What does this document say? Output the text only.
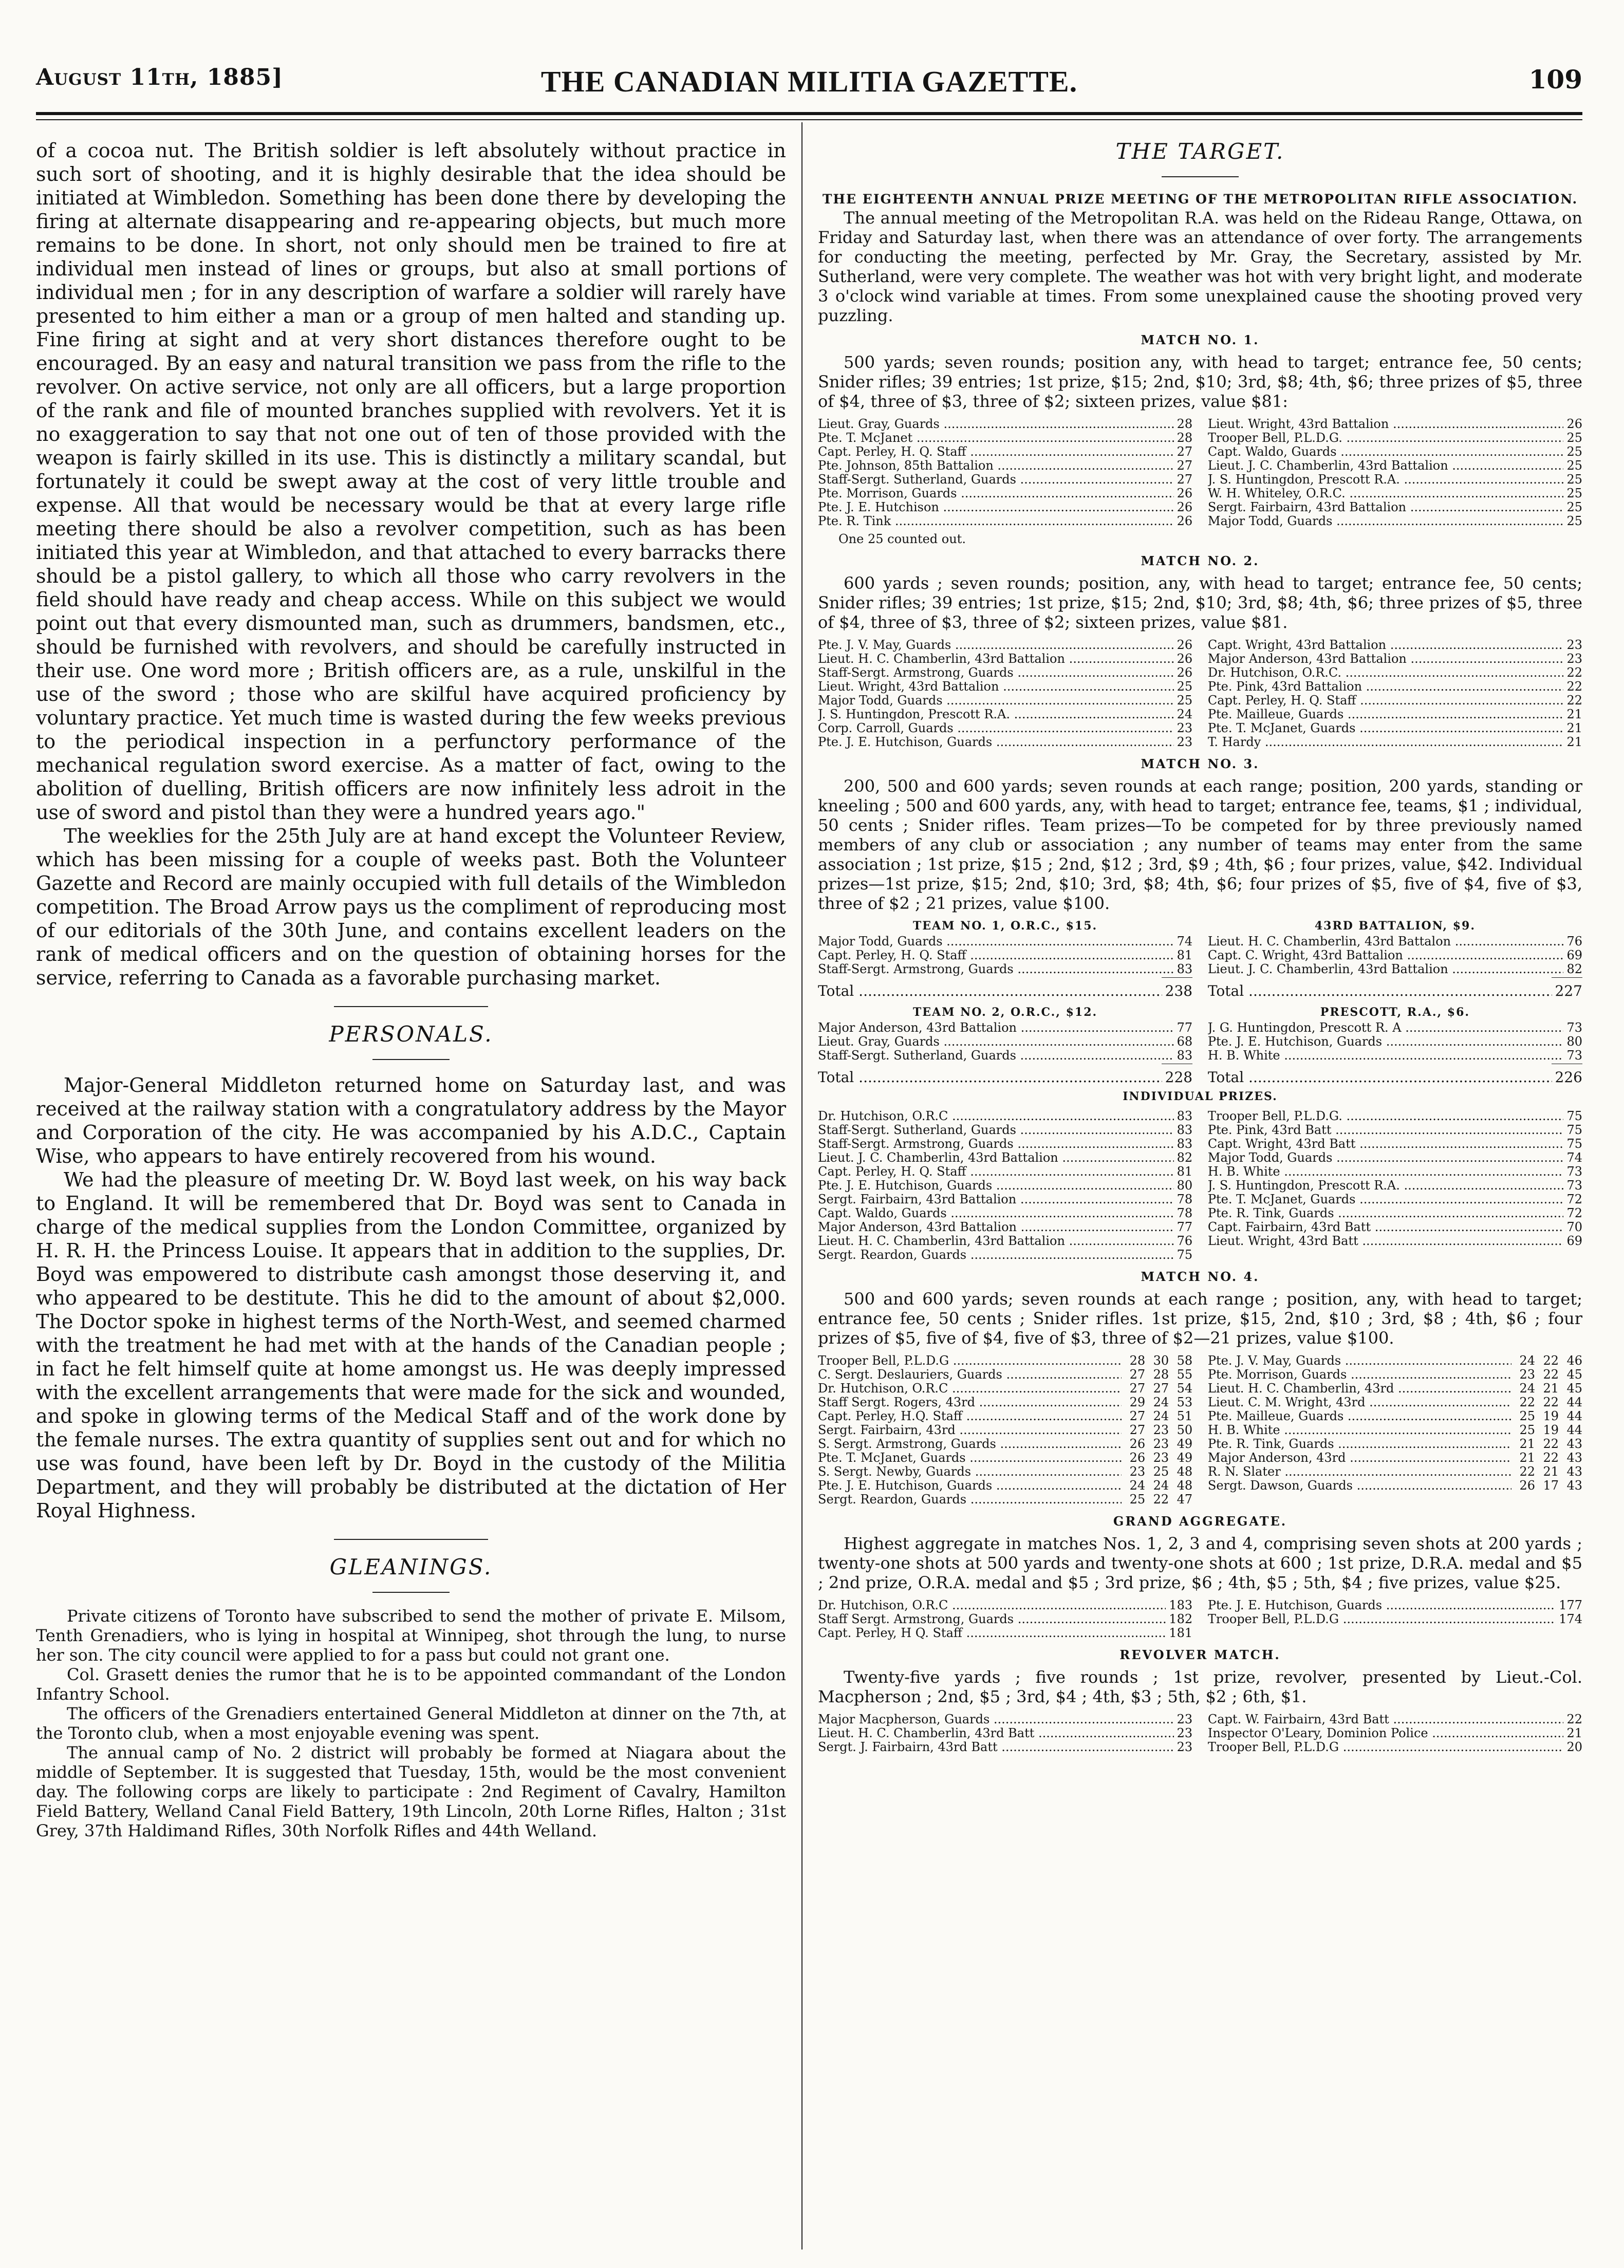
August 11th, 1885]	THE CANADIAN MILITIA GAZETTE.	109

of a cocoa nut. The British soldier is left absolutely without practice in such sort of shooting, and it is highly desirable that the idea should be initiated at Wimbledon. Something has been done there by developing the firing at alternate disappearing and re-appearing objects, but much more remains to be done. In short, not only should men be trained to fire at individual men instead of lines or groups, but also at small portions of individual men ; for in any description of warfare a soldier will rarely have presented to him either a man or a group of men halted and standing up. Fine firing at sight and at very short distances therefore ought to be encouraged. By an easy and natural transition we pass from the rifle to the revolver. On active service, not only are all officers, but a large proportion of the rank and file of mounted branches supplied with revolvers. Yet it is no exaggeration to say that not one out of ten of those provided with the weapon is fairly skilled in its use. This is distinctly a military scandal, but fortunately it could be swept away at the cost of very little trouble and expense. All that would be necessary would be that at every large rifle meeting there should be also a revolver competition, such as has been initiated this year at Wimbledon, and that attached to every barracks there should be a pistol gallery, to which all those who carry revolvers in the field should have ready and cheap access. While on this subject we would point out that every dismounted man, such as drummers, bandsmen, etc., should be furnished with revolvers, and should be carefully instructed in their use. One word more ; British officers are, as a rule, unskilful in the use of the sword ; those who are skilful have acquired proficiency by voluntary practice. Yet much time is wasted during the few weeks previous to the periodical inspection in a perfunctory performance of the mechanical regulation sword exercise. As a matter of fact, owing to the abolition of duelling, British officers are now infinitely less adroit in the use of sword and pistol than they were a hundred years ago."

The weeklies for the 25th July are at hand except the Volunteer Review, which has been missing for a couple of weeks past. Both the Volunteer Gazette and Record are mainly occupied with full details of the Wimbledon competition. The Broad Arrow pays us the compliment of reproducing most of our editorials of the 30th June, and contains excellent leaders on the rank of medical officers and on the question of obtaining horses for the service, referring to Canada as a favorable purchasing market.

PERSONALS.

Major-General Middleton returned home on Saturday last, and was received at the railway station with a congratulatory address by the Mayor and Corporation of the city. He was accompanied by his A.D.C., Captain Wise, who appears to have entirely recovered from his wound.

We had the pleasure of meeting Dr. W. Boyd last week, on his way back to England. It will be remembered that Dr. Boyd was sent to Canada in charge of the medical supplies from the London Committee, organized by H. R. H. the Princess Louise. It appears that in addition to the supplies, Dr. Boyd was empowered to distribute cash amongst those deserving it, and who appeared to be destitute. This he did to the amount of about $2,000. The Doctor spoke in highest terms of the North-West, and seemed charmed with the treatment he had met with at the hands of the Canadian people ; in fact he felt himself quite at home amongst us. He was deeply impressed with the excellent arrangements that were made for the sick and wounded, and spoke in glowing terms of the Medical Staff and of the work done by the female nurses. The extra quantity of supplies sent out and for which no use was found, have been left by Dr. Boyd in the custody of the Militia Department, and they will probably be distributed at the dictation of Her Royal Highness.

GLEANINGS.

Private citizens of Toronto have subscribed to send the mother of private E. Milsom, Tenth Grenadiers, who is lying in hospital at Winnipeg, shot through the lung, to nurse her son. The city council were applied to for a pass but could not grant one.

Col. Grasett denies the rumor that he is to be appointed commandant of the London Infantry School.

The officers of the Grenadiers entertained General Middleton at dinner on the 7th, at the Toronto club, when a most enjoyable evening was spent.

The annual camp of No. 2 district will probably be formed at Niagara about the middle of September. It is suggested that Tuesday, 15th, would be the most convenient day. The following corps are likely to participate : 2nd Regiment of Cavalry, Hamilton Field Battery, Welland Canal Field Battery, 19th Lincoln, 20th Lorne Rifles, Halton ; 31st Grey, 37th Haldimand Rifles, 30th Norfolk Rifles and 44th Welland.

THE TARGET.

THE EIGHTEENTH ANNUAL PRIZE MEETING OF THE METROPOLITAN RIFLE ASSOCIATION.

The annual meeting of the Metropolitan R.A. was held on the Rideau Range, Ottawa, on Friday and Saturday last, when there was an attendance of over forty. The arrangements for conducting the meeting, perfected by Mr. Gray, the Secretary, assisted by Mr. Sutherland, were very complete. The weather was hot with very bright light, and moderate 3 o'clock wind variable at times. From some unexplained cause the shooting proved very puzzling.

MATCH NO. 1.

500 yards; seven rounds; position any, with head to target; entrance fee, 50 cents; Snider rifles; 39 entries; 1st prize, $15; 2nd, $10; 3rd, $8; 4th, $6; three prizes of $5, three of $4, three of $3, three of $2; sixteen prizes, value $81:

Lieut. Gray, Guards .....	28
Pte. T. McJanet .....	28
Capt. Perley, H. Q. Staff .....	27
Pte. Johnson, 85th Battalion .....	27
Staff-Sergt. Sutherland, Guards .....	27
Pte. Morrison, Guards .....	26
Pte. J. E. Hutchison .....	26
Pte. R. Tink .....	26
Lieut. Wright, 43rd Battalion .....	26
Trooper Bell, P.L.D.G. .....	25
Capt. Waldo, Guards .....	25
Lieut. J. C. Chamberlin, 43rd Battalion .....	25
J. S. Huntingdon, Prescott R.A. .....	25
W. H. Whiteley, O.R.C. .....	25
Sergt. Fairbairn, 43rd Battalion .....	25
Major Todd, Guards .....	25
One 25 counted out.

MATCH NO. 2.

600 yards ; seven rounds; position, any, with head to target; entrance fee, 50 cents; Snider rifles; 39 entries; 1st prize, $15; 2nd, $10; 3rd, $8; 4th, $6; three prizes of $5, three of $4, three of $3, three of $2; sixteen prizes, value $81.

Pte. J. V. May, Guards .....	26
Lieut. H. C. Chamberlin, 43rd Battalion .....	26
Staff-Sergt. Armstrong, Guards .....	26
Lieut. Wright, 43rd Battalion .....	25
Major Todd, Guards .....	25
J. S. Huntingdon, Prescott R.A. .....	24
Corp. Carroll, Guards .....	23
Pte. J. E. Hutchison, Guards .....	23
Capt. Wright, 43rd Battalion .....	23
Major Anderson, 43rd Battalion .....	23
Dr. Hutchison, O.R.C. .....	22
Pte. Pink, 43rd Battalion .....	22
Capt. Perley, H. Q. Staff .....	22
Pte. Mailleue, Guards .....	21
Pte. T. McJanet, Guards .....	21
T. Hardy .....	21

MATCH NO. 3.

200, 500 and 600 yards; seven rounds at each range; position, 200 yards, standing or kneeling ; 500 and 600 yards, any, with head to target; entrance fee, teams, $1 ; individual, 50 cents ; Snider rifles. Team prizes—To be competed for by three previously named members of any club or association ; any number of teams may enter from the same association ; 1st prize, $15 ; 2nd, $12 ; 3rd, $9 ; 4th, $6 ; four prizes, value, $42. Individual prizes—1st prize, $15; 2nd, $10; 3rd, $8; 4th, $6; four prizes of $5, five of $4, five of $3, three of $2 ; 21 prizes, value $100.

TEAM NO. 1, O.R.C., $15.

Major Todd, Guards .....	74
Capt. Perley, H. Q. Staff .....	81
Staff-Sergt. Armstrong, Guards .....	83
Total .....	238

43RD BATTALION, $9.

Lieut. H. C. Chamberlin, 43rd Battalon .....	76
Capt. C. Wright, 43rd Battalion .....	69
Lieut. J. C. Chamberlin, 43rd Battalion .....	82
Total .....	227

TEAM NO. 2, O.R.C., $12.

Major Anderson, 43rd Battalion .....	77
Lieut. Gray, Guards .....	68
Staff-Sergt. Sutherland, Guards .....	83
Total .....	228

PRESCOTT, R.A., $6.

J. G. Huntingdon, Prescott R. A .....	73
Pte. J. E. Hutchison, Guards .....	80
H. B. White .....	73
Total .....	226

INDIVIDUAL PRIZES.

Dr. Hutchison, O.R.C .....	83
Staff-Sergt. Sutherland, Guards .....	83
Staff-Sergt. Armstrong, Guards .....	83
Lieut. J. C. Chamberlin, 43rd Battalion .....	82
Capt. Perley, H. Q. Staff .....	81
Pte. J. E. Hutchison, Guards .....	80
Sergt. Fairbairn, 43rd Battalion .....	78
Capt. Waldo, Guards .....	78
Major Anderson, 43rd Battalion .....	77
Lieut. H. C. Chamberlin, 43rd Battalion .....	76
Sergt. Reardon, Guards .....	75
Trooper Bell, P.L.D.G. .....	75
Pte. Pink, 43rd Batt .....	75
Capt. Wright, 43rd Batt .....	75
Major Todd, Guards .....	74
H. B. White .....	73
J. S. Huntingdon, Prescott R.A. .....	73
Pte. T. McJanet, Guards .....	72
Pte. R. Tink, Guards .....	72
Capt. Fairbairn, 43rd Batt .....	70
Lieut. Wright, 43rd Batt .....	69

MATCH NO. 4.

500 and 600 yards; seven rounds at each range ; position, any, with head to target; entrance fee, 50 cents ; Snider rifles. 1st prize, $15, 2nd, $10 ; 3rd, $8 ; 4th, $6 ; four prizes of $5, five of $4, five of $3, three of $2—21 prizes, value $100.

Trooper Bell, P.L.D.G .....	28 30 58
C. Sergt. Deslauriers, Guards .....	27 28 55
Dr. Hutchison, O.R.C .....	27 27 54
Staff Sergt. Rogers, 43rd .....	29 24 53
Capt. Perley, H.Q. Staff .....	27 24 51
Sergt. Fairbairn, 43rd .....	27 23 50
S. Sergt. Armstrong, Guards .....	26 23 49
Pte. T. McJanet, Guards .....	26 23 49
S. Sergt. Newby, Guards .....	23 25 48
Pte. J. E. Hutchison, Guards .....	24 24 48
Sergt. Reardon, Guards .....	25 22 47
Pte. J. V. May, Guards .....	24 22 46
Pte. Morrison, Guards .....	23 22 45
Lieut. H. C. Chamberlin, 43rd .....	24 21 45
Lieut. C. M. Wright, 43rd .....	22 22 44
Pte. Mailleue, Guards .....	25 19 44
H. B. White .....	25 19 44
Pte. R. Tink, Guards .....	21 22 43
Major Anderson, 43rd .....	21 22 43
R. N. Slater .....	22 21 43
Sergt. Dawson, Guards .....	26 17 43

GRAND AGGREGATE.

Highest aggregate in matches Nos. 1, 2, 3 and 4, comprising seven shots at 200 yards ; twenty-one shots at 500 yards and twenty-one shots at 600 ; 1st prize, D.R.A. medal and $5 ; 2nd prize, O.R.A. medal and $5 ; 3rd prize, $6 ; 4th, $5 ; 5th, $4 ; five prizes, value $25.

Dr. Hutchison, O.R.C .....	183
Staff Sergt. Armstrong, Guards .....	182
Capt. Perley, H Q. Staff .....	181
Pte. J. E. Hutchison, Guards .....	177
Trooper Bell, P.L.D.G .....	174

REVOLVER MATCH.

Twenty-five yards ; five rounds ; 1st prize, revolver, presented by Lieut.-Col. Macpherson ; 2nd, $5 ; 3rd, $4 ; 4th, $3 ; 5th, $2 ; 6th, $1.

Major Macpherson, Guards .....	23
Lieut. H. C. Chamberlin, 43rd Batt .....	23
Sergt. J. Fairbairn, 43rd Batt .....	23
Capt. W. Fairbairn, 43rd Batt .....	22
Inspector O'Leary, Dominion Police .....	21
Trooper Bell, P.L.D.G .....	20
